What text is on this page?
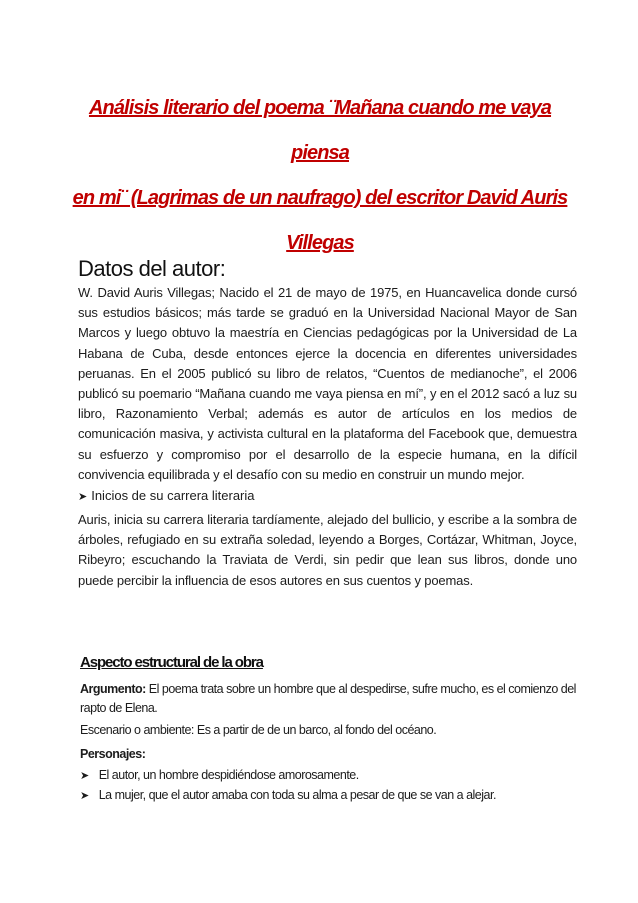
Análisis literario del poema ¨Mañana cuando me vaya piensa
en mi¨ (Lagrimas de un naufrago) del escritor David Auris
Villegas
Datos del autor:
W. David Auris Villegas; Nacido el 21 de mayo de 1975, en Huancavelica donde cursó sus estudios básicos; más tarde se graduó en la Universidad Nacional Mayor de San Marcos y luego obtuvo la maestría en Ciencias pedagógicas por la Universidad de La Habana de Cuba, desde entonces ejerce la docencia en diferentes universidades peruanas. En el 2005 publicó su libro de relatos, “Cuentos de medianoche”, el 2006 publicó su poemario “Mañana cuando me vaya piensa en mí”, y en el 2012 sacó a luz su libro, Razonamiento Verbal; además es autor de artículos en los medios de comunicación masiva, y activista cultural en la plataforma del Facebook que, demuestra su esfuerzo y compromiso por el desarrollo de la especie humana, en la difícil convivencia equilibrada y el desafío con su medio en construir un mundo mejor.
➤ Inicios de su carrera literaria
Auris, inicia su carrera literaria tardíamente, alejado del bullicio, y escribe a la sombra de árboles, refugiado en su extraña soledad, leyendo a Borges, Cortázar, Whitman, Joyce, Ribeyro; escuchando la Traviata de Verdi, sin pedir que lean sus libros, donde uno puede percibir la influencia de esos autores en sus cuentos y poemas.
Aspecto estructural de la obra
Argumento: El poema trata sobre un hombre que al despedirse, sufre mucho, es el comienzo del rapto de Elena.
Escenario o ambiente: Es a partir de de un barco, al fondo del océano.
Personajes:
➤ El autor, un hombre despidiéndose amorosamente.
➤ La mujer, que el autor amaba con toda su alma a pesar de que se van a alejar.
